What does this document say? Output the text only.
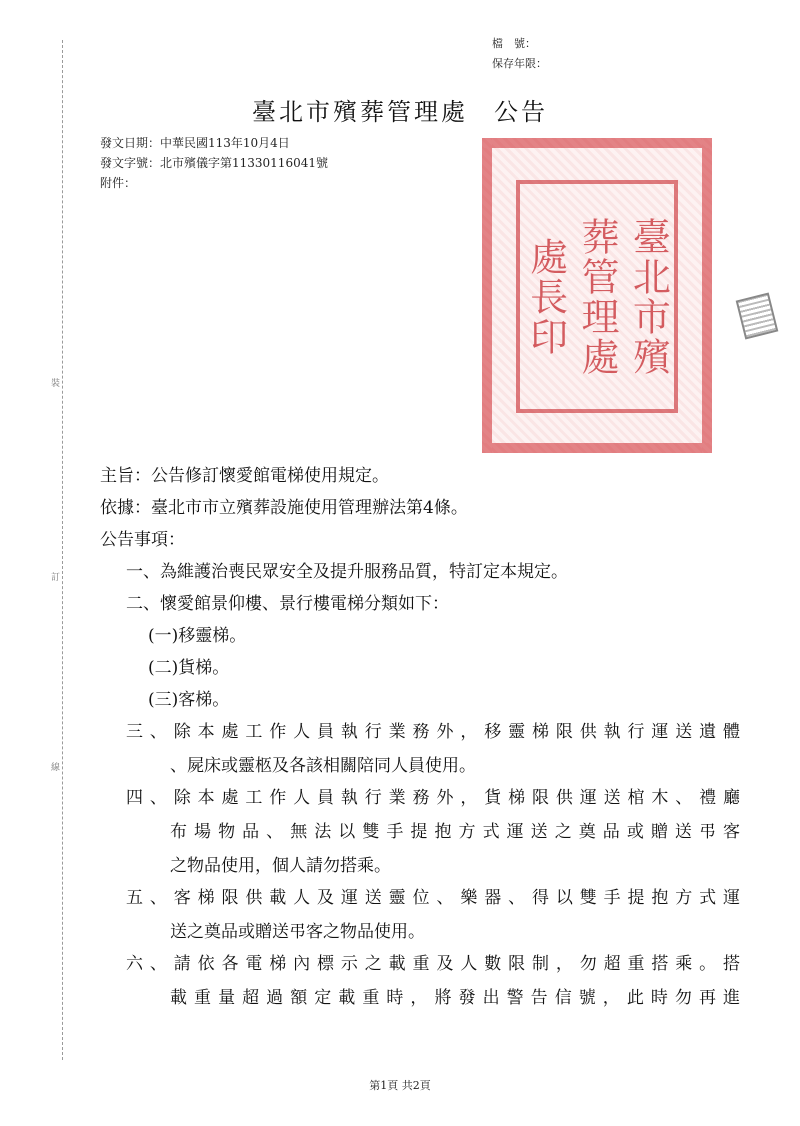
裝
訂
線
檔　號：
保存年限：
臺北市殯葬管理處 公告
發文日期：中華民國113年10月4日
發文字號：北市殯儀字第11330116041號
附件：
臺北市殯
葬管理處
處長印
主旨：公告修訂懷愛館電梯使用規定。
依據：臺北市市立殯葬設施使用管理辦法第4條。
公告事項：
一、為維護治喪民眾安全及提升服務品質，特訂定本規定。
二、懷愛館景仰樓、景行樓電梯分類如下：
(一)移靈梯。
(二)貨梯。
(三)客梯。
三、除本處工作人員執行業務外，移靈梯限供執行運送遺體
、屍床或靈柩及各該相關陪同人員使用。
四、除本處工作人員執行業務外，貨梯限供運送棺木、禮廳
布場物品、無法以雙手提抱方式運送之奠品或贈送弔客
之物品使用，個人請勿搭乘。
五、客梯限供載人及運送靈位、樂器、得以雙手提抱方式運
送之奠品或贈送弔客之物品使用。
六、請依各電梯內標示之載重及人數限制，勿超重搭乘。搭
載重量超過額定載重時，將發出警告信號，此時勿再進
第1頁 共2頁
